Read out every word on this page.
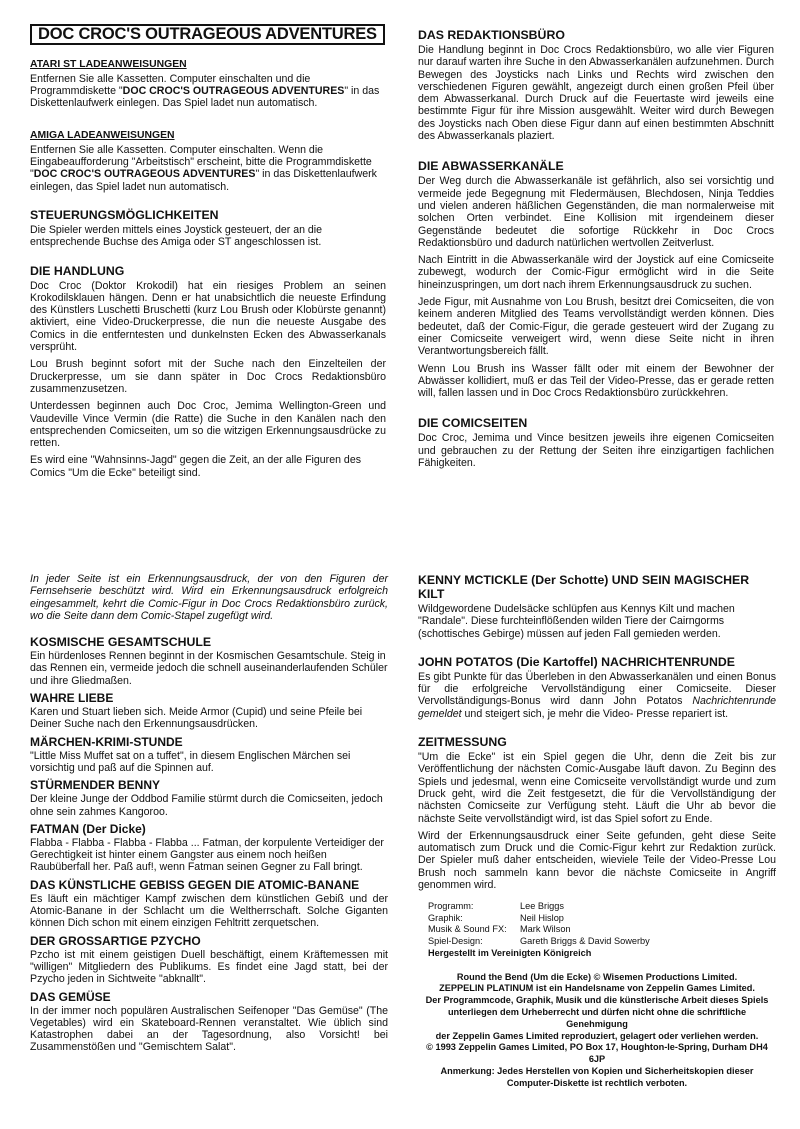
DOC CROC'S OUTRAGEOUS ADVENTURES
ATARI ST LADEANWEISUNGEN

Entfernen Sie alle Kassetten. Computer einschalten und die Programmdiskette "DOC CROC'S OUTRAGEOUS ADVENTURES" in das Diskettenlaufwerk einlegen. Das Spiel ladet nun automatisch.

AMIGA LADEANWEISUNGEN

Entfernen Sie alle Kassetten. Computer einschalten. Wenn die Eingabeaufforderung "Arbeitstisch" erscheint, bitte die Programmdiskette "DOC CROC'S OUTRAGEOUS ADVENTURES" in das Diskettenlaufwerk einlegen, das Spiel ladet nun automatisch.

STEUERUNGSMÖGLICHKEITEN

Die Spieler werden mittels eines Joystick gesteuert, der an die entsprechende Buchse des Amiga oder ST angeschlossen ist.

DIE HANDLUNG

Doc Croc (Doktor Krokodil) hat ein riesiges Problem an seinen Krokodilsklauen hängen. Denn er hat unabsichtlich die neueste Erfindung des Künstlers Luschetti Bruschetti (kurz Lou Brush oder Klobürste genannt) aktiviert, eine Video-Druckerpresse, die nun die neueste Ausgabe des Comics in die entferntesten und dunkelnsten Ecken des Abwasserkanals versprüht.

Lou Brush beginnt sofort mit der Suche nach den Einzelteilen der Druckerpresse, um sie dann später in Doc Crocs Redaktionsbüro zusammenzusetzen.

Unterdessen beginnen auch Doc Croc, Jemima Wellington-Green und Vaudeville Vince Vermin (die Ratte) die Suche in den Kanälen nach den entsprechenden Comicseiten, um so die witzigen Erkennungsausdrücke zu retten.

Es wird eine "Wahnsinns-Jagd" gegen die Zeit, an der alle Figuren des Comics "Um die Ecke" beteiligt sind.

DAS REDAKTIONSBÜRO

Die Handlung beginnt in Doc Crocs Redaktionsbüro, wo alle vier Figuren nur darauf warten ihre Suche in den Abwasserkanälen aufzunehmen. Durch Bewegen des Joysticks nach Links und Rechts wird zwischen den verschiedenen Figuren gewählt, angezeigt durch einen großen Pfeil über dem Abwasserkanal. Durch Druck auf die Feuertaste wird jeweils eine bestimmte Figur für ihre Mission ausgewählt. Weiter wird durch Bewegen des Joysticks nach Oben diese Figur dann auf einen bestimmten Abschnitt des Abwasserkanals plaziert.

DIE ABWASSERKANÄLE

Der Weg durch die Abwasserkanäle ist gefährlich, also sei vorsichtig und vermeide jede Begegnung mit Fledermäusen, Blechdosen, Ninja Teddies und vielen anderen häßlichen Gegenständen, die man normalerweise mit solchen Orten verbindet. Eine Kollision mit irgendeinem dieser Gegenstände bedeutet die sofortige Rückkehr in Doc Crocs Redaktionsbüro und dadurch natürlichen wertvollen Zeitverlust.

Nach Eintritt in die Abwasserkanäle wird der Joystick auf eine Comicseite zubewegt, wodurch der Comic-Figur ermöglicht wird in die Seite hineinzuspringen, um dort nach ihrem Erkennungsausdruck zu suchen.

Jede Figur, mit Ausnahme von Lou Brush, besitzt drei Comicseiten, die von keinem anderen Mitglied des Teams vervollständigt werden können. Dies bedeutet, daß der Comic-Figur, die gerade gesteuert wird der Zugang zu einer Comicseite verweigert wird, wenn diese Seite nicht in ihren Verantwortungsbereich fällt.

Wenn Lou Brush ins Wasser fällt oder mit einem der Bewohner der Abwässer kollidiert, muß er das Teil der Video-Presse, das er gerade retten will, fallen lassen und in Doc Crocs Redaktionsbüro zurückkehren.

DIE COMICSEITEN

Doc Croc, Jemima und Vince besitzen jeweils ihre eigenen Comicseiten und gebrauchen zu der Rettung der Seiten ihre einzigartigen fachlichen Fähigkeiten.

In jeder Seite ist ein Erkennungsausdruck, der von den Figuren der Fernsehserie beschützt wird. Wird ein Erkennungsausdruck erfolgreich eingesammelt, kehrt die Comic-Figur in Doc Crocs Redaktionsbüro zurück, wo die Seite dann dem Comic-Stapel zugefügt wird.

KOSMISCHE GESAMTSCHULE

Ein hürdenloses Rennen beginnt in der Kosmischen Gesamtschule. Steig in das Rennen ein, vermeide jedoch die schnell auseinanderlaufenden Schüler und ihre Gliedmaßen.

WAHRE LIEBE

Karen und Stuart lieben sich. Meide Armor (Cupid) und seine Pfeile bei Deiner Suche nach den Erkennungsausdrücken.

MÄRCHEN-KRIMI-STUNDE

"Little Miss Muffet sat on a tuffet", in diesem Englischen Märchen sei vorsichtig und paß auf die Spinnen auf.

STÜRMENDER BENNY

Der kleine Junge der Oddbod Familie stürmt durch die Comicseiten, jedoch ohne sein zahmes Kangoroo.

FATMAN (Der Dicke)

Flabba - Flabba - Flabba - Flabba ... Fatman, der korpulente Verteidiger der Gerechtigkeit ist hinter einem Gangster aus einem noch heißen Raubüberfall her. Paß auf!, wenn Fatman seinen Gegner zu Fall bringt.

DAS KÜNSTLICHE GEBISS GEGEN DIE ATOMIC-BANANE

Es läuft ein mächtiger Kampf zwischen dem künstlichen Gebiß und der Atomic-Banane in der Schlacht um die Weltherrschaft. Solche Giganten können Dich schon mit einem einzigen Fehltritt zerquetschen.

DER GROSSARTIGE PZYCHO

Pzcho ist mit einem geistigen Duell beschäftigt, einem Kräftemessen mit "willigen" Mitgliedern des Publikums. Es findet eine Jagd statt, bei der Pzycho jeden in Sichtweite "abknallt".

DAS GEMÜSE

In der immer noch populären Australischen Seifenoper "Das Gemüse" (The Vegetables) wird ein Skateboard-Rennen veranstaltet. Wie üblich sind Katastrophen dabei an der Tagesordnung, also Vorsicht! bei Zusammenstößen und "Gemischtem Salat".

KENNY MCTICKLE (Der Schotte) UND SEIN MAGISCHER KILT

Wildgewordene Dudelsäcke schlüpfen aus Kennys Kilt und machen "Randale". Diese furchteinflößenden wilden Tiere der Cairngorms (schottisches Gebirge) müssen auf jeden Fall gemieden werden.

JOHN POTATOS (Die Kartoffel) NACHRICHTENRUNDE

Es gibt Punkte für das Überleben in den Abwasserkanälen und einen Bonus für die erfolgreiche Vervollständigung einer Comicseite. Dieser Vervollständigungs-Bonus wird dann John Potatos Nachrichtenrunde gemeldet und steigert sich, je mehr die Video- Presse repariert ist.

ZEITMESSUNG

"Um die Ecke" ist ein Spiel gegen die Uhr, denn die Zeit bis zur Veröffentlichung der nächsten Comic-Ausgabe läuft davon. Zu Beginn des Spiels und jedesmal, wenn eine Comicseite vervollständigt wurde und zum Druck geht, wird die Zeit festgesetzt, die für die Vervollständigung der nächsten Comicseite zur Verfügung steht. Läuft die Uhr ab bevor die nächste Seite vervollständigt wird, ist das Spiel sofort zu Ende.

Wird der Erkennungsausdruck einer Seite gefunden, geht diese Seite automatisch zum Druck und die Comic-Figur kehrt zur Redaktion zurück. Der Spieler muß daher entscheiden, wieviele Teile der Video-Presse Lou Brush noch sammeln kann bevor die nächste Comicseite in Angriff genommen wird.

Programm:	Lee Briggs
Graphik:	Neil Hislop
Musik & Sound FX:	Mark Wilson
Spiel-Design:	Gareth Briggs & David Sowerby
Hergestellt im Vereinigten Königreich
Round the Bend (Um die Ecke) © Wisemen Productions Limited.
ZEPPELIN PLATINUM ist ein Handelsname von Zeppelin Games Limited.
Der Programmcode, Graphik, Musik und die künstlerische Arbeit dieses Spiels
unterliegen dem Urheberrecht und dürfen nicht ohne die schriftliche Genehmigung
der Zeppelin Games Limited reproduziert, gelagert oder verliehen werden.
© 1993 Zeppelin Games Limited, PO Box 17, Houghton-le-Spring, Durham DH4 6JP
Anmerkung: Jedes Herstellen von Kopien und Sicherheitskopien dieser
Computer-Diskette ist rechtlich verboten.
